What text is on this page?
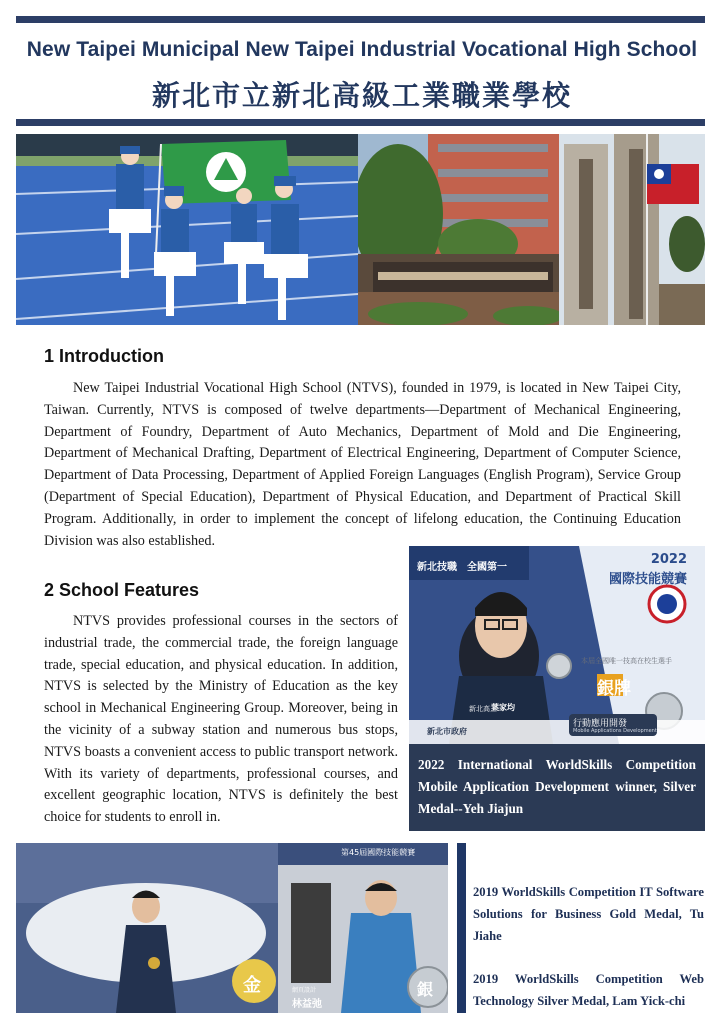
New Taipei Municipal New Taipei Industrial Vocational High School
新北市立新北高級工業職業學校
1 Introduction

New Taipei Industrial Vocational High School (NTVS), founded in 1979, is located in New Taipei City, Taiwan. Currently, NTVS is composed of twelve departments—Department of Mechanical Engineering, Department of Foundry, Department of Auto Mechanics, Department of Mold and Die Engineering, Department of Mechanical Drafting, Department of Electrical Engineering, Department of Computer Science, Department of Data Processing, Department of Applied Foreign Languages (English Program), Service Group (Department of Special Education), Department of Physical Education, and Department of Practical Skill Program. Additionally, in order to implement the concept of lifelong education, the Continuing Education Division was also established.

2 School Features

NTVS provides professional courses in the sectors of industrial trade, the commercial trade, the foreign language trade, special education, and physical education. In addition, NTVS is selected by the Ministry of Education as the key school in Mechanical Engineering Group. Moreover, being in the vicinity of a subway station and numerous bus stops, NTVS boasts a convenient access to public transport network. With its variety of departments, professional courses, and excellent geographic location, NTVS is definitely the best choice for students to enroll in.

新北技職　全國第一
2022
國際技能競賽
本屆全國唯一技高在校生選手
銀牌
行動應用開發
Mobile Applications Development
新北高工
葉家均
新北市政府
2022 International WorldSkills Competition Mobile Application Development winner, Silver Medal--Yeh Jiajun
第45屆國際技能競賽
金	銀
網頁設計
林益弛

2019 WorldSkills Competition IT Software Solutions for Business Gold Medal, Tu Jiahe

2019 WorldSkills Competition Web Technology Silver Medal, Lam Yick-chi
